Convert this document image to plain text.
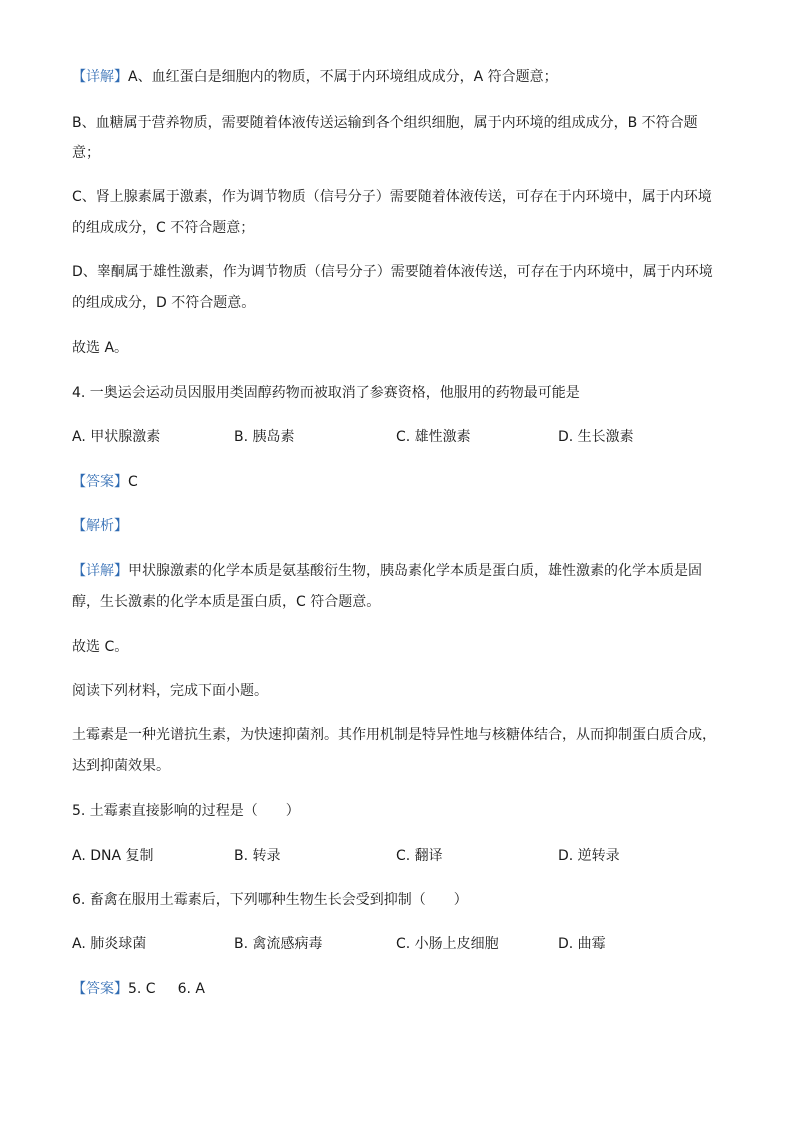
【详解】A、血红蛋白是细胞内的物质，不属于内环境组成成分，A 符合题意；
B、血糖属于营养物质，需要随着体液传送运输到各个组织细胞，属于内环境的组成成分，B 不符合题
意；
C、肾上腺素属于激素，作为调节物质（信号分子）需要随着体液传送，可存在于内环境中，属于内环境
的组成成分，C 不符合题意；
D、睾酮属于雄性激素，作为调节物质（信号分子）需要随着体液传送，可存在于内环境中，属于内环境
的组成成分，D 不符合题意。
故选 A。
4. 一奥运会运动员因服用类固醇药物而被取消了参赛资格，他服用的药物最可能是
A. 甲状腺激素	B. 胰岛素	C. 雄性激素	D. 生长激素
【答案】C
【解析】
【详解】甲状腺激素的化学本质是氨基酸衍生物，胰岛素化学本质是蛋白质，雄性激素的化学本质是固
醇，生长激素的化学本质是蛋白质，C 符合题意。
故选 C。
阅读下列材料，完成下面小题。
土霉素是一种光谱抗生素，为快速抑菌剂。其作用机制是特异性地与核糖体结合，从而抑制蛋白质合成，
达到抑菌效果。
5. 土霉素直接影响的过程是（　　）
A. DNA 复制	B. 转录	C. 翻译	D. 逆转录
6. 畜禽在服用土霉素后，下列哪种生物生长会受到抑制（　　）
A. 肺炎球菌	B. 禽流感病毒	C. 小肠上皮细胞	D. 曲霉
【答案】5. C 6. A
